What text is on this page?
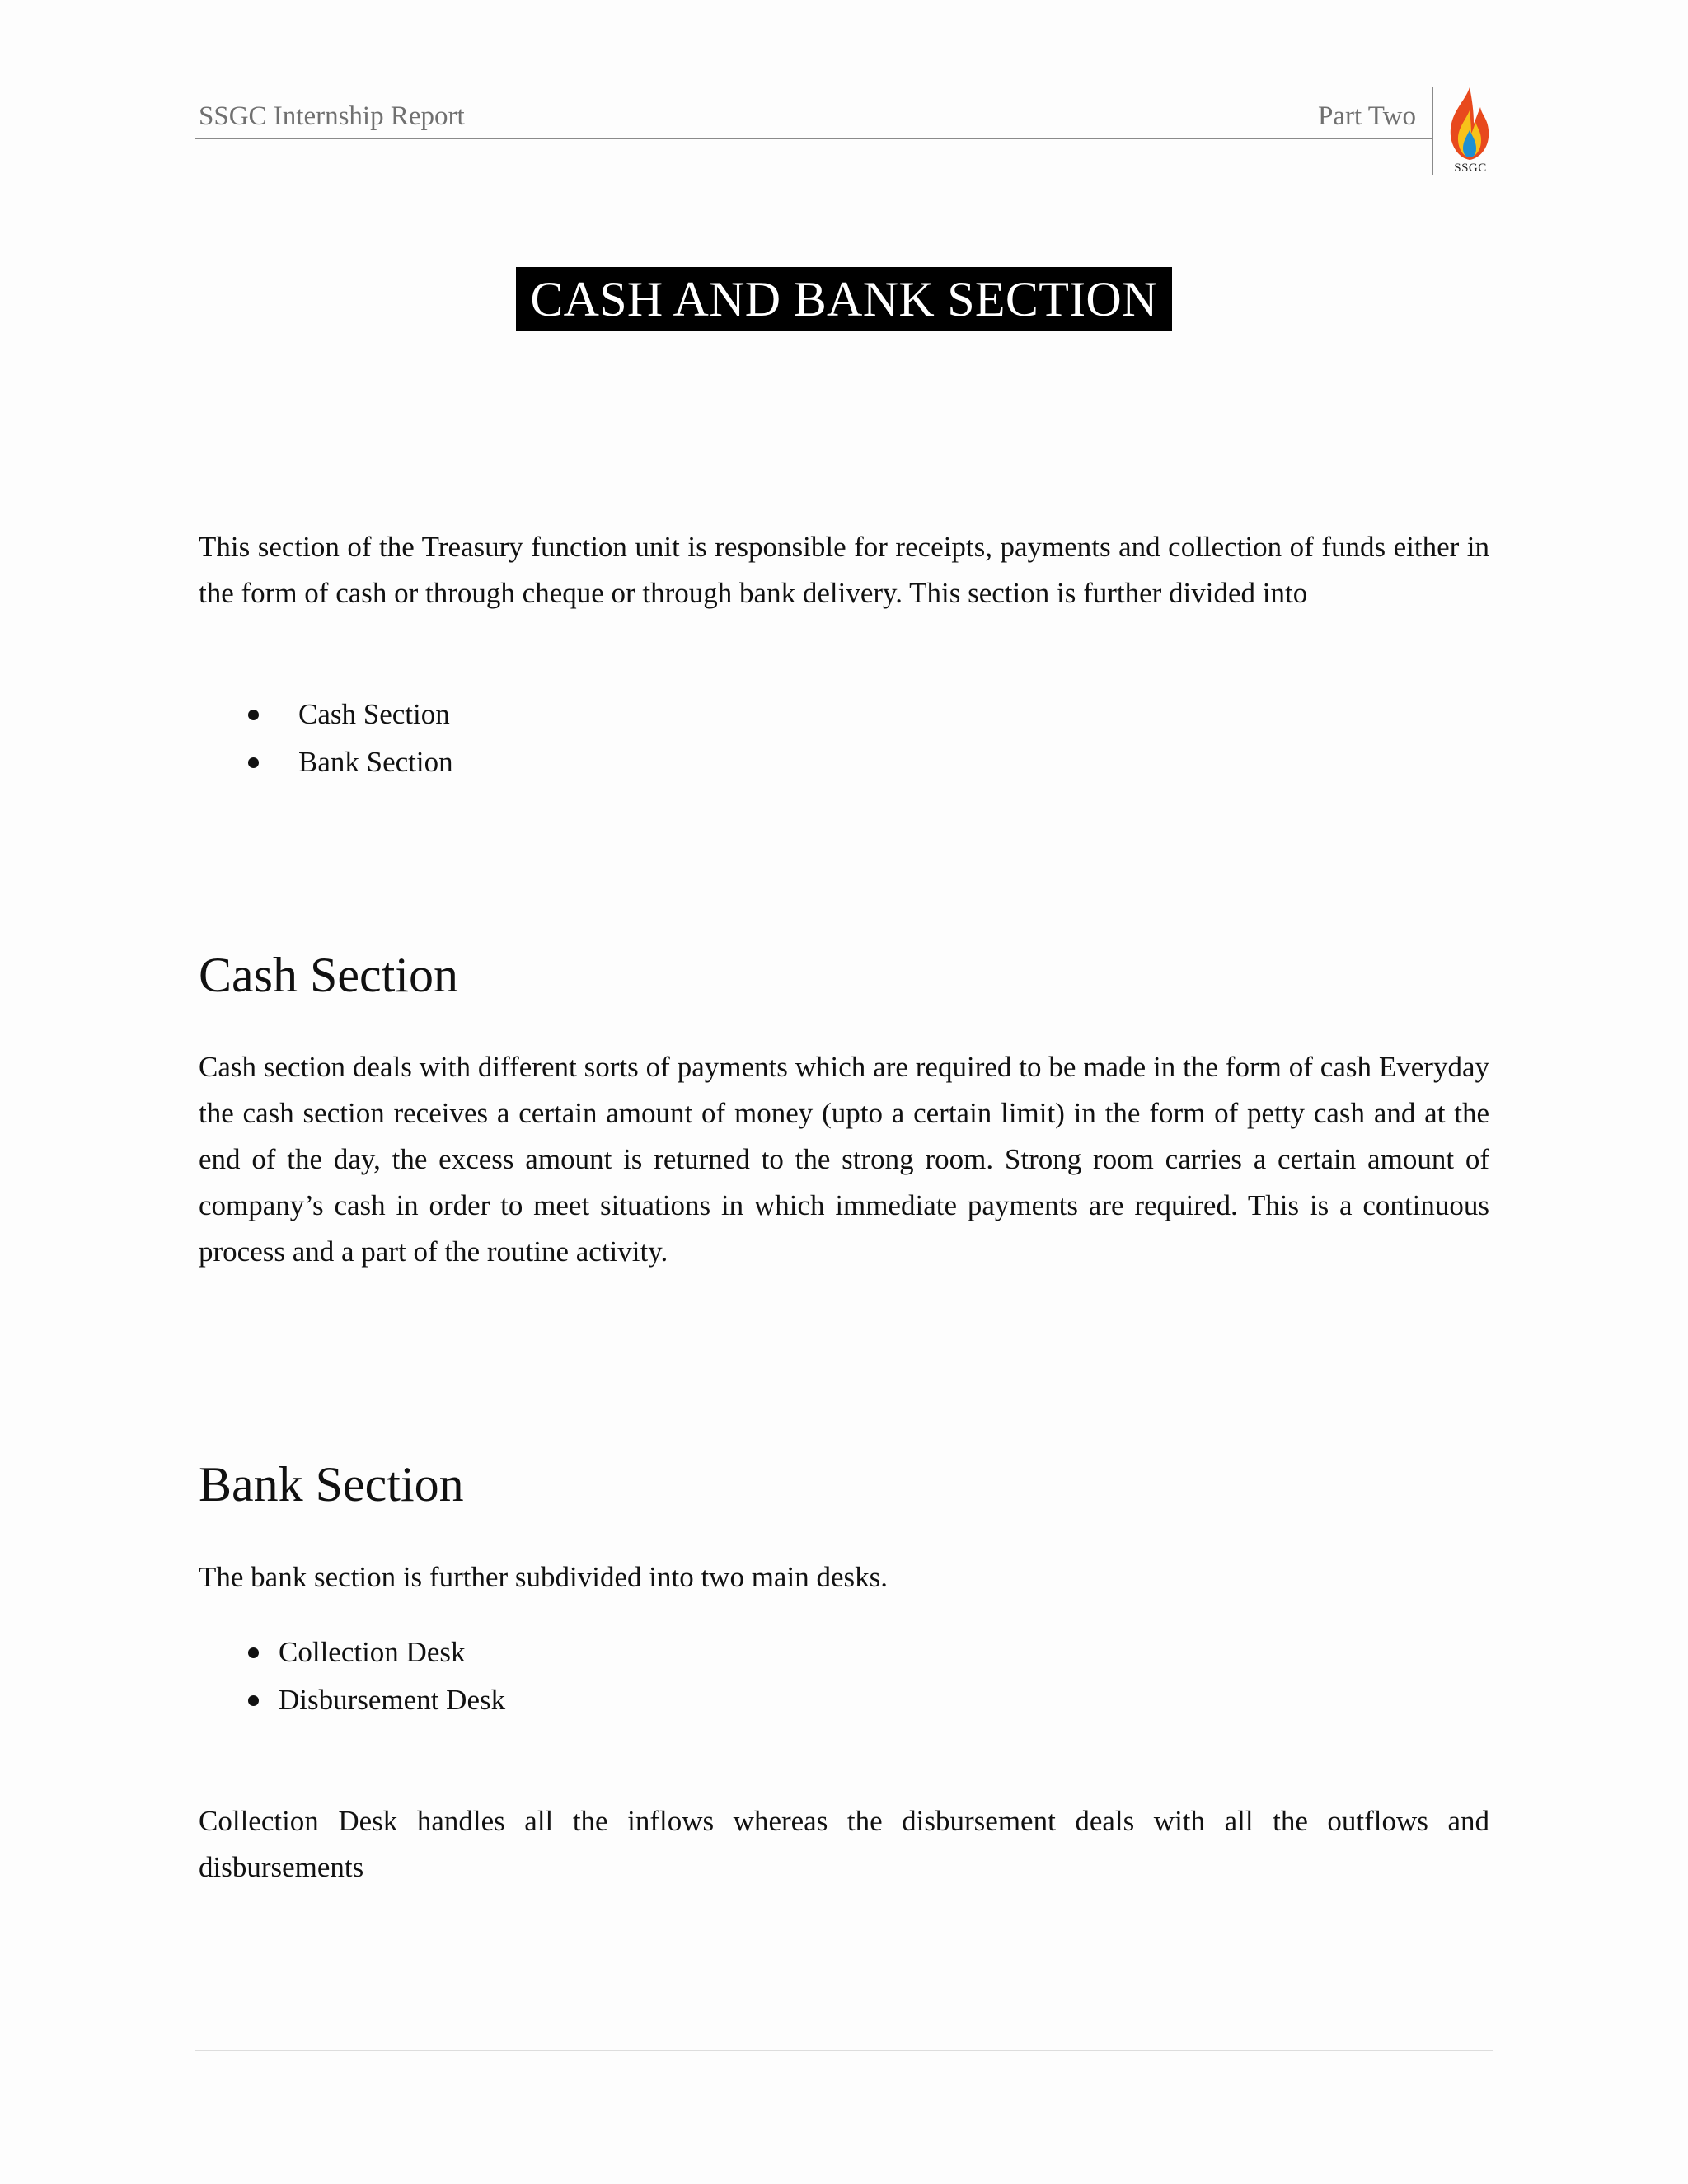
SSGC Internship Report	Part Two
SSGC
CASH AND BANK SECTION
This section of the Treasury function unit is responsible for receipts, payments and collection of funds either in the form of cash or through cheque or through bank delivery. This section is further divided into
Cash Section
Bank Section
Cash Section
Cash section deals with different sorts of payments which are required to be made in the form of cash Everyday the cash section receives a certain amount of money (upto a certain limit) in the form of petty cash and at the end of the day, the excess amount is returned to the strong room. Strong room carries a certain amount of company’s cash in order to meet situations in which immediate payments are required. This is a continuous process and a part of the routine activity.
Bank Section
The bank section is further subdivided into two main desks.
Collection Desk
Disbursement Desk
Collection Desk handles all the inflows whereas the disbursement deals with all the outflows and disbursements
